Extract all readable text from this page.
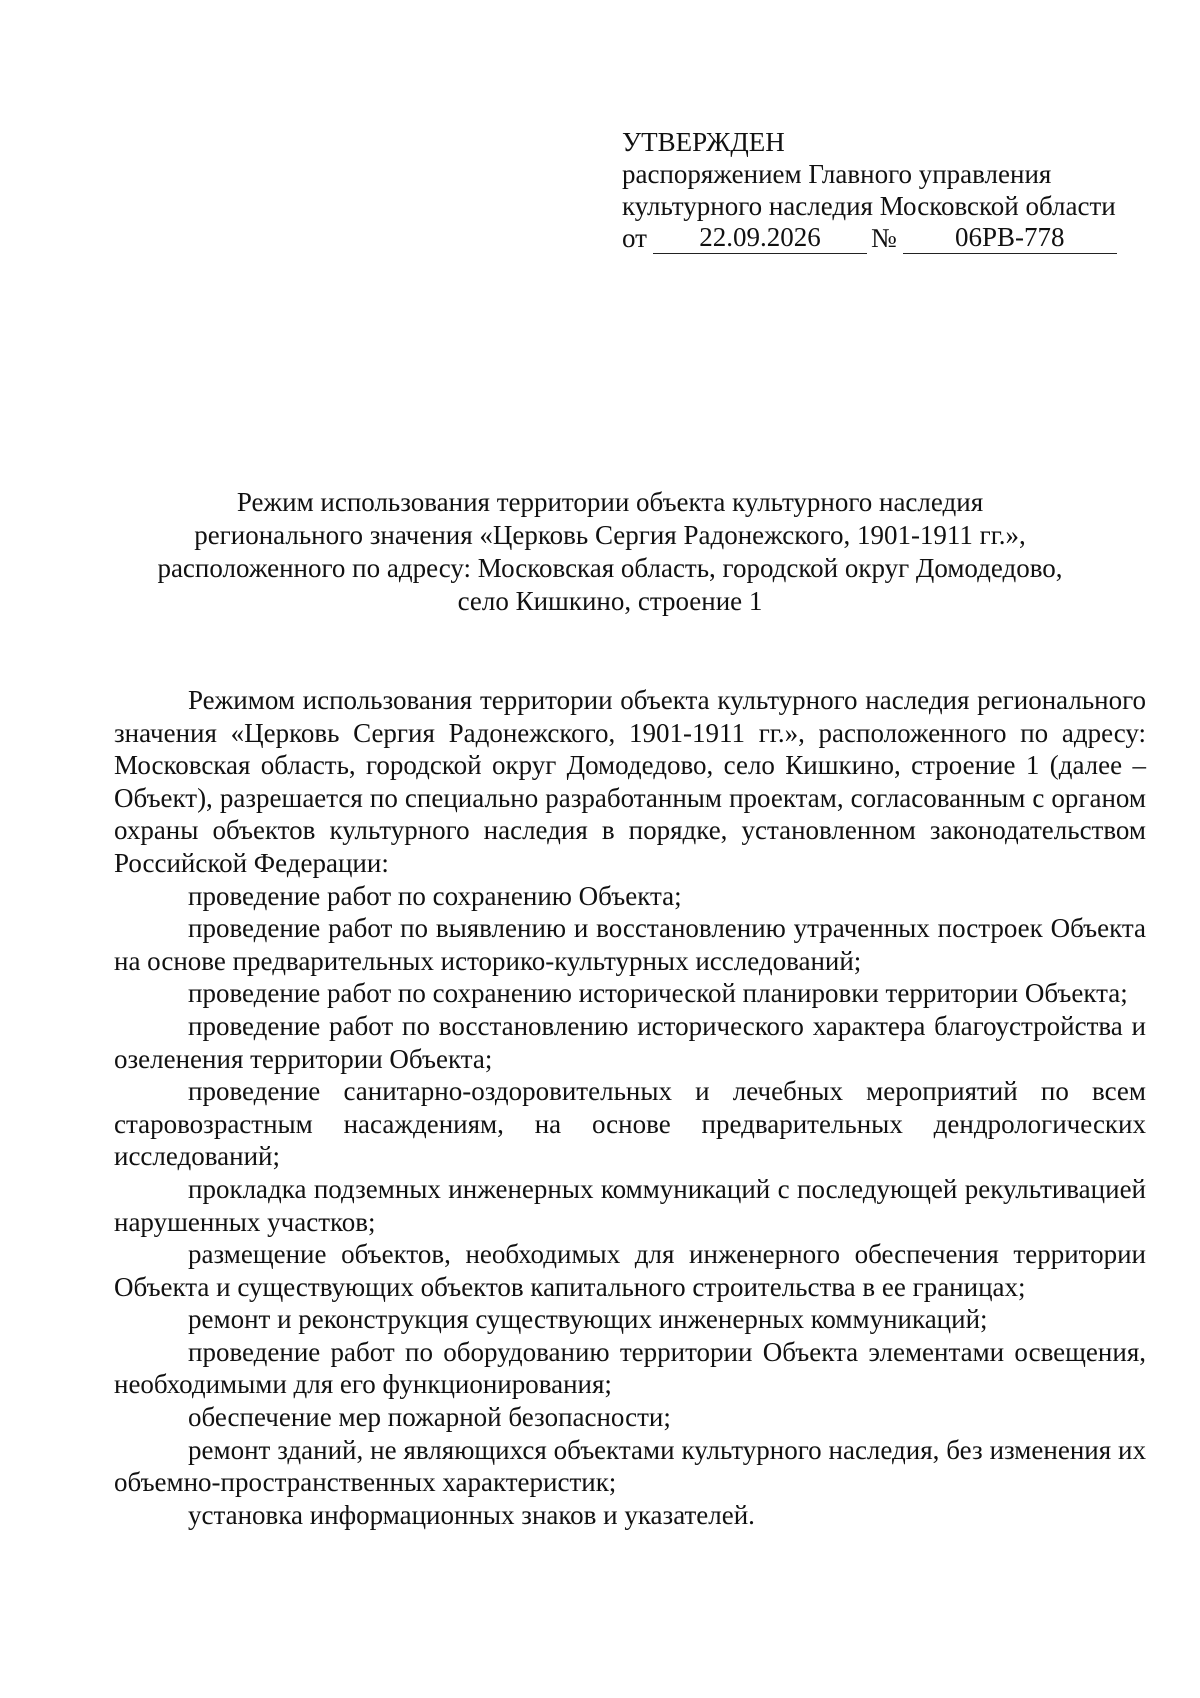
УТВЕРЖДЕН
распоряжением Главного управления
культурного наследия Московской области
от	22.09.2026	№	06РВ-778
Режим использования территории объекта культурного наследия
регионального значения «Церковь Сергия Радонежского, 1901-1911 гг.»,
расположенного по адресу: Московская область, городской округ Домодедово,
село Кишкино, строение 1

Режимом использования территории объекта культурного наследия регионального значения «Церковь Сергия Радонежского, 1901-1911 гг.», расположенного по адресу: Московская область, городской округ Домодедово, село Кишкино, строение 1 (далее – Объект), разрешается по специально разработанным проектам, согласованным с органом охраны объектов культурного наследия в порядке, установленном законодательством Российской Федерации:

проведение работ по сохранению Объекта;

проведение работ по выявлению и восстановлению утраченных построек Объекта на основе предварительных историко-культурных исследований;

проведение работ по сохранению исторической планировки территории Объекта;

проведение работ по восстановлению исторического характера благоустройства и озеленения территории Объекта;

проведение санитарно-оздоровительных и лечебных мероприятий по всем старовозрастным насаждениям, на основе предварительных дендрологических исследований;

прокладка подземных инженерных коммуникаций с последующей рекультивацией нарушенных участков;

размещение объектов, необходимых для инженерного обеспечения территории Объекта и существующих объектов капитального строительства в ее границах;

ремонт и реконструкция существующих инженерных коммуникаций;

проведение работ по оборудованию территории Объекта элементами освещения, необходимыми для его функционирования;

обеспечение мер пожарной безопасности;

ремонт зданий, не являющихся объектами культурного наследия, без изменения их объемно-пространственных характеристик;

установка информационных знаков и указателей.
